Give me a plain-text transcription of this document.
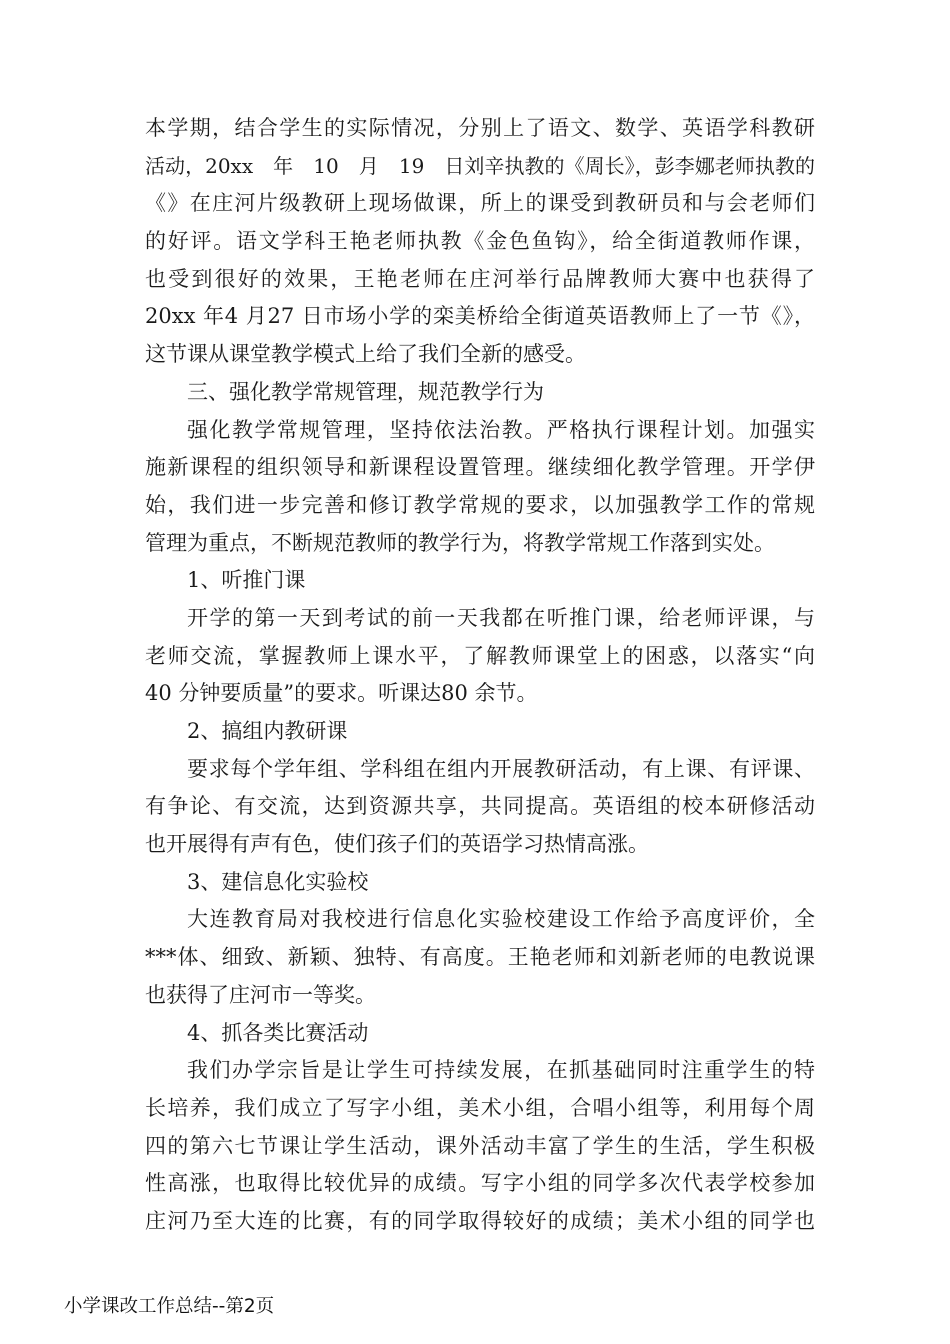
本学期，结合学生的实际情况，分别上了语文、数学、英语学科教研
活动，20xx　年　10　月　19　日刘辛执教的《周长》，彭李娜老师执教的
《》在庄河片级教研上现场做课，所上的课受到教研员和与会老师们
的好评。语文学科王艳老师执教《金色鱼钩》，给全街道教师作课，
也受到很好的效果，王艳老师在庄河举行品牌教师大赛中也获得了
20xx 年4 月27 日市场小学的栾美桥给全街道英语教师上了一节《》，
这节课从课堂教学模式上给了我们全新的感受。
三、强化教学常规管理，规范教学行为
强化教学常规管理，坚持依法治教。严格执行课程计划。加强实
施新课程的组织领导和新课程设置管理。继续细化教学管理。开学伊
始，我们进一步完善和修订教学常规的要求，以加强教学工作的常规
管理为重点，不断规范教师的教学行为，将教学常规工作落到实处。
1、听推门课
开学的第一天到考试的前一天我都在听推门课，给老师评课，与
老师交流，掌握教师上课水平，了解教师课堂上的困惑，以落实“向
40 分钟要质量”的要求。听课达80 余节。
2、搞组内教研课
要求每个学年组、学科组在组内开展教研活动，有上课、有评课、
有争论、有交流，达到资源共享，共同提高。英语组的校本研修活动
也开展得有声有色，使们孩子们的英语学习热情高涨。
3、建信息化实验校
大连教育局对我校进行信息化实验校建设工作给予高度评价，全
***体、细致、新颖、独特、有高度。王艳老师和刘新老师的电教说课
也获得了庄河市一等奖。
4、抓各类比赛活动
我们办学宗旨是让学生可持续发展，在抓基础同时注重学生的特
长培养，我们成立了写字小组，美术小组，合唱小组等，利用每个周
四的第六七节课让学生活动，课外活动丰富了学生的生活，学生积极
性高涨，也取得比较优异的成绩。写字小组的同学多次代表学校参加
庄河乃至大连的比赛，有的同学取得较好的成绩；美术小组的同学也
小学课改工作总结--第2页
